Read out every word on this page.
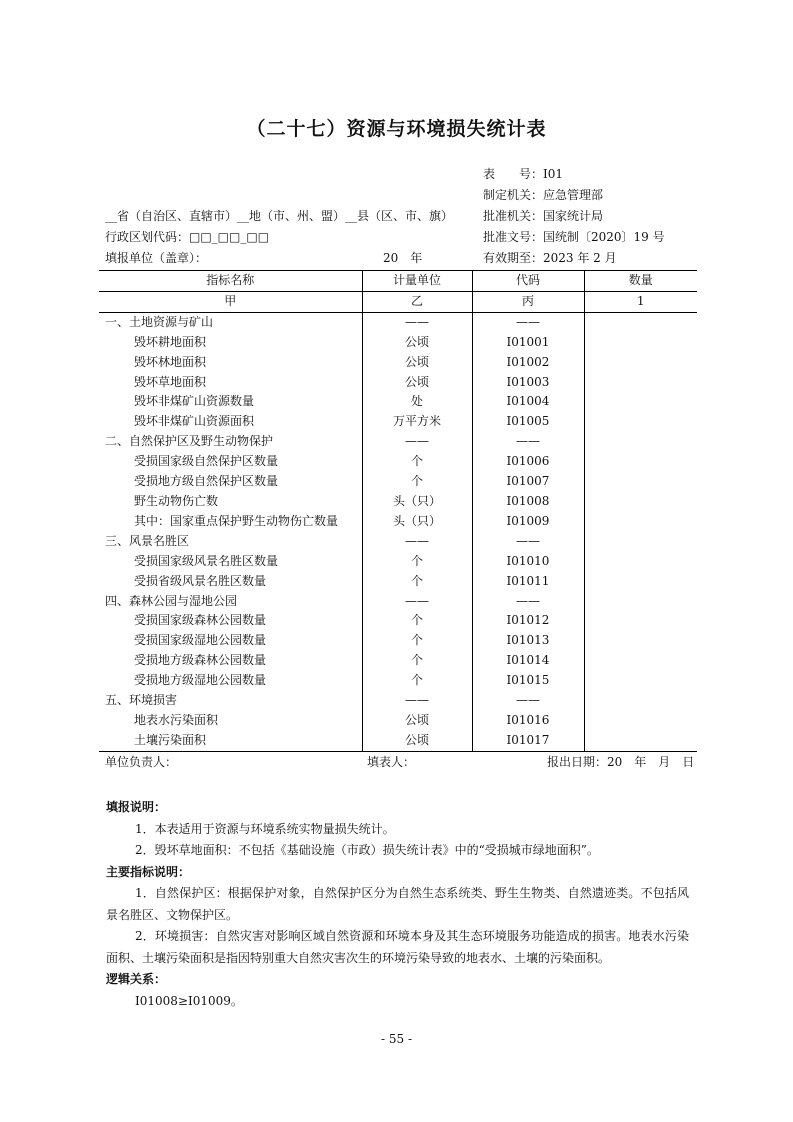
（二十七）资源与环境损失统计表
表　　号：I01
制定机关：应急管理部
批准机关：国家统计局
批准文号：国统制〔2020〕19 号
有效期至：2023 年 2 月
__省（自治区、直辖市）__地（市、州、盟）__县（区、市、旗）
行政区划代码：□□_□□_□□
填报单位（盖章）：	20　年
指标名称	计量单位	代码	数量
甲	乙	丙	1
一、土地资源与矿山	——	——	
毁坏耕地面积	公顷	I01001	
毁坏林地面积	公顷	I01002	
毁坏草地面积	公顷	I01003	
毁坏非煤矿山资源数量	处	I01004	
毁坏非煤矿山资源面积	万平方米	I01005	
二、自然保护区及野生动物保护	——	——	
受损国家级自然保护区数量	个	I01006	
受损地方级自然保护区数量	个	I01007	
野生动物伤亡数	头（只）	I01008	
其中：国家重点保护野生动物伤亡数量	头（只）	I01009	
三、风景名胜区	——	——	
受损国家级风景名胜区数量	个	I01010	
受损省级风景名胜区数量	个	I01011	
四、森林公园与湿地公园	——	——	
受损国家级森林公园数量	个	I01012	
受损国家级湿地公园数量	个	I01013	
受损地方级森林公园数量	个	I01014	
受损地方级湿地公园数量	个	I01015	
五、环境损害	——	——	
地表水污染面积	公顷	I01016	
土壤污染面积	公顷	I01017	
单位负责人：	填表人：	报出日期：20　年　月　日
填报说明：
1．本表适用于资源与环境系统实物量损失统计。
2．毁坏草地面积：不包括《基础设施（市政）损失统计表》中的“受损城市绿地面积”。
主要指标说明：
1．自然保护区：根据保护对象，自然保护区分为自然生态系统类、野生生物类、自然遗迹类。不包括风景名胜区、文物保护区。
2．环境损害：自然灾害对影响区域自然资源和环境本身及其生态环境服务功能造成的损害。地表水污染面积、土壤污染面积是指因特别重大自然灾害次生的环境污染导致的地表水、土壤的污染面积。
逻辑关系：
I01008≥I01009。
- 55 -
